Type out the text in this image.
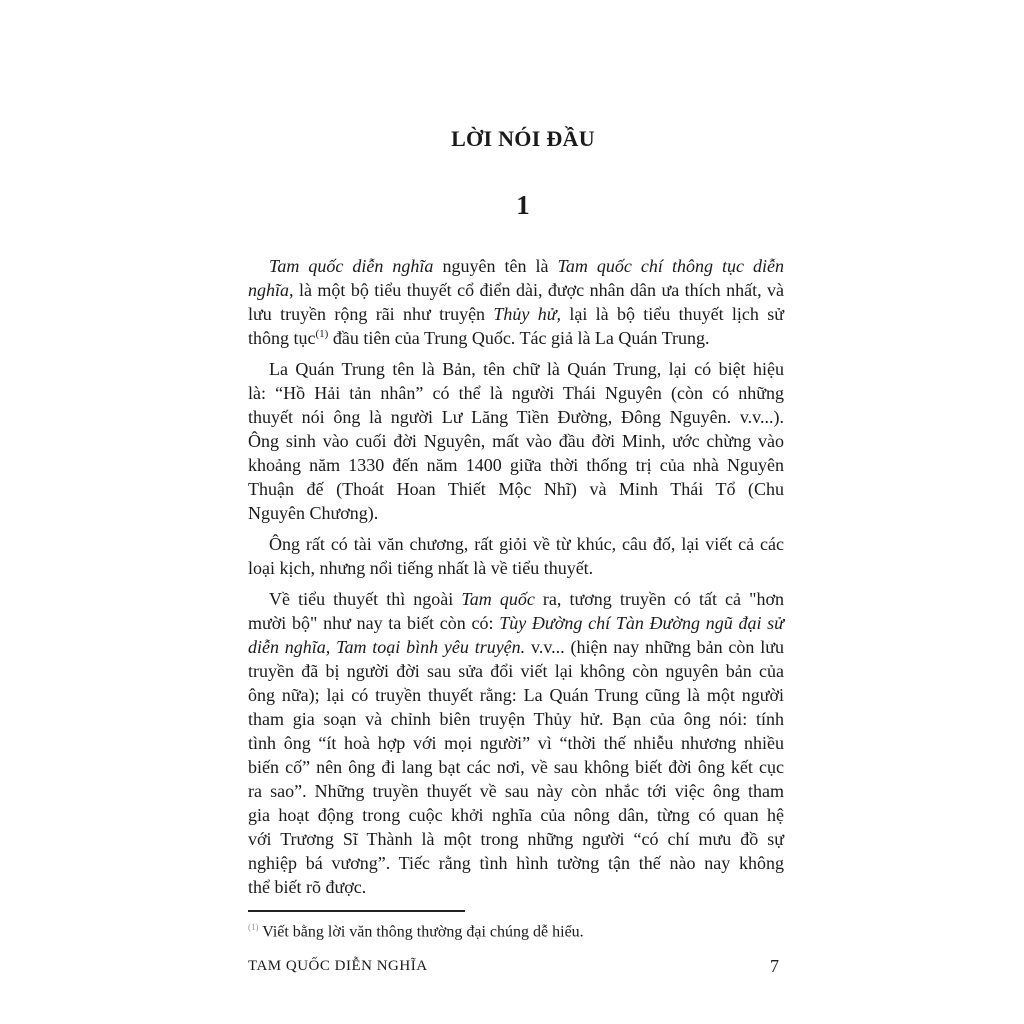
LỜI NÓI ĐẦU
1
Tam quốc diễn nghĩa nguyên tên là Tam quốc chí thông tục diễn
nghĩa, là một bộ tiểu thuyết cổ điển dài, được nhân dân ưa thích nhất, và
lưu truyền rộng rãi như truyện Thủy hử, lại là bộ tiểu thuyết lịch sử
thông tục$^{(1)}$ đầu tiên của Trung Quốc. Tác giả là La Quán Trung.
La Quán Trung tên là Bản, tên chữ là Quán Trung, lại có biệt hiệu
là: “Hồ Hải tản nhân” có thể là người Thái Nguyên (còn có những
thuyết nói ông là người Lư Lăng Tiền Đường, Đông Nguyên. v.v...).
Ông sinh vào cuối đời Nguyên, mất vào đầu đời Minh, ước chừng vào
khoảng năm 1330 đến năm 1400 giữa thời thống trị của nhà Nguyên
Thuận đế (Thoát Hoan Thiết Mộc Nhĩ) và Minh Thái Tổ (Chu
Nguyên Chương).
Ông rất có tài văn chương, rất giỏi về từ khúc, câu đố, lại viết cả các
loại kịch, nhưng nổi tiếng nhất là về tiểu thuyết.
Về tiểu thuyết thì ngoài Tam quốc ra, tương truyền có tất cả "hơn
mười bộ" như nay ta biết còn có: Tùy Đường chí Tàn Đường ngũ đại sử
diễn nghĩa, Tam toại bình yêu truyện. v.v... (hiện nay những bản còn lưu
truyền đã bị người đời sau sửa đổi viết lại không còn nguyên bản của
ông nữa); lại có truyền thuyết rằng: La Quán Trung cũng là một người
tham gia soạn và chỉnh biên truyện Thủy hử. Bạn của ông nói: tính
tình ông “ít hoà hợp với mọi người” vì “thời thế nhiễu nhương nhiều
biến cố” nên ông đi lang bạt các nơi, về sau không biết đời ông kết cục
ra sao”. Những truyền thuyết về sau này còn nhắc tới việc ông tham
gia hoạt động trong cuộc khởi nghĩa của nông dân, từng có quan hệ
với Trương Sĩ Thành là một trong những người “có chí mưu đồ sự
nghiệp bá vương”. Tiếc rằng tình hình tường tận thế nào nay không
thể biết rõ được.
$^{(1)}$ Viết bằng lời văn thông thường đại chúng dễ hiểu.
TAM QUỐC DIỄN NGHĨA	7
